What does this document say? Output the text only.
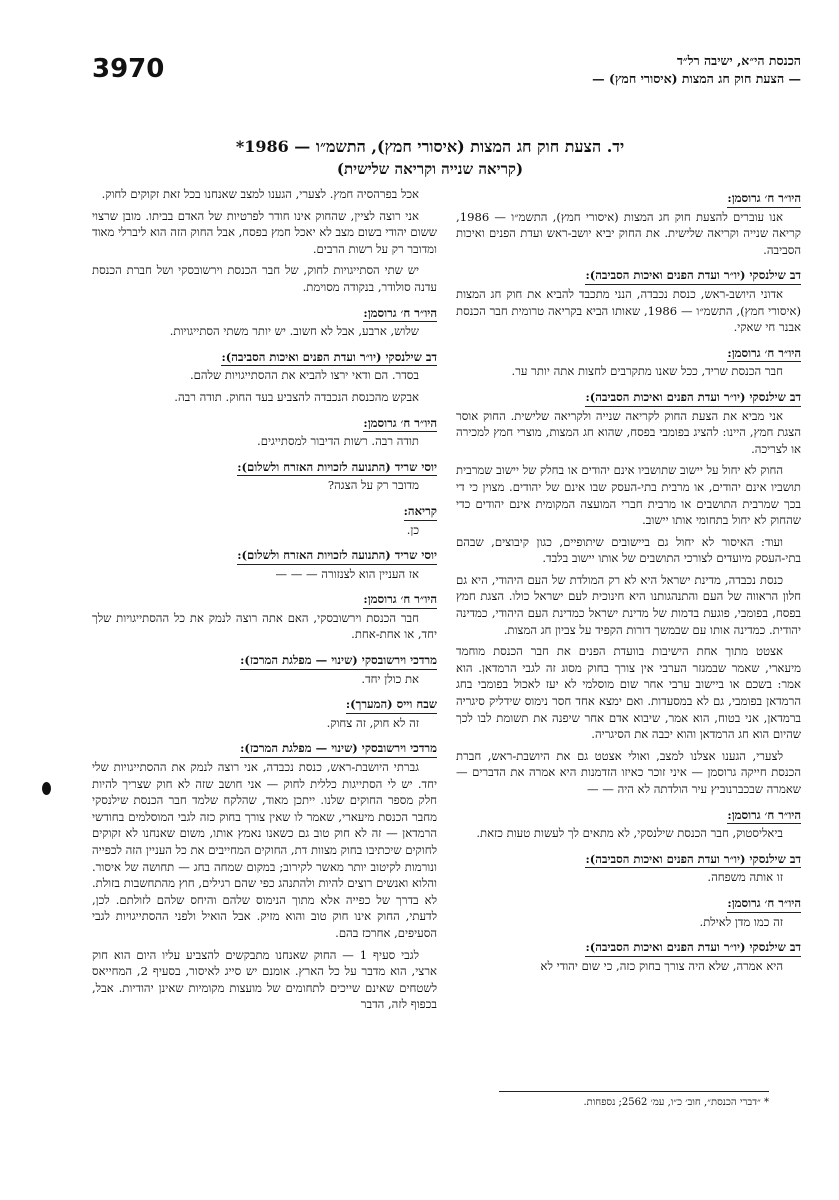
הכנסת הי״א, ישיבה רל״ד
— הצעת חוק חג המצות (איסורי חמץ) —
3970
יד. הצעת חוק חג המצות (איסורי חמץ), התשמ״ו — 1986*
(קריאה שנייה וקריאה שלישית)
היו״ר ח׳ גרוסמן:

אנו עוברים להצעת חוק חג המצות (איסורי חמץ), התשמ״ו — 1986, קריאה שנייה וקריאה שלישית. את החוק יביא יושב-ראש ועדת הפנים ואיכות הסביבה.

דב שילנסקי (יו״ר ועדת הפנים ואיכות הסביבה):

אדוני היושב-ראש, כנסת נכבדה, הנני מתכבד להביא את חוק חג המצות (איסורי חמץ), התשמ״ו — 1986, שאותו הביא בקריאה טרומית חבר הכנסת אבנר חי שאקי.

היו״ר ח׳ גרוסמן:

חבר הכנסת שריד, ככל שאנו מתקרבים לחצות אתה יותר ער.

דב שילנסקי (יו״ר ועדת הפנים ואיכות הסביבה):

אני מביא את הצעת החוק לקריאה שנייה ולקריאה שלישית. החוק אוסר הצגת חמץ, היינו: להציג בפומבי בפסח, שהוא חג המצות, מוצרי חמץ למכירה או לצריכה.

החוק לא יחול על יישוב שתושביו אינם יהודים או בחלק של יישוב שמרבית תושביו אינם יהודים, או מרבית בתי-העסק שבו אינם של יהודים. מצוין כי די בכך שמרבית התושבים או מרבית חברי המועצה המקומית אינם יהודים כדי שהחוק לא יחול בתחומי אותו יישוב.

ועוד: האיסור לא יחול גם ביישובים שיתופיים, כגון קיבוצים, שבהם בתי-העסק מיועדים לצורכי התושבים של אותו יישוב בלבד.

כנסת נכבדה, מדינת ישראל היא לא רק המולדת של העם היהודי, היא גם חלון הראווה של העם והתנהגותנו היא חינוכית לעם ישראל כולו. הצגת חמץ בפסח, בפומבי, פוגעת בדמות של מדינת ישראל כמדינת העם היהודי, כמדינה יהודית. כמדינה אותו עם שבמשך דורות הקפיד על צביון חג המצות.

אצטט מתוך אחת הישיבות בוועדת הפנים את חבר הכנסת מוחמד מיעארי, שאמר שבמגזר הערבי אין צורך בחוק מסוג זה לגבי הרמדאן. הוא אמר: בשכם או ביישוב ערבי אחר שום מוסלמי לא יעז לאכול בפומבי בחג הרמדאן בפומבי, גם לא במסעדות. ואם ימצא אחד חסר נימוס שידליק סיגריה ברמדאן, אני בטוח, הוא אמר, שיבוא אדם אחר שיפנה את תשומת לבו לכך שהיום הוא חג הרמדאן והוא יכבה את הסיגריה.

לצערי, הגענו אצלנו למצב, ואולי אצטט גם את היושבת-ראש, חברת הכנסת חייקה גרוסמן — איני זוכר כאיזו הזדמנות היא אמרה את הדברים — שאמרה שבכברנוביץ עיר הולדתה לא היה — —

היו״ר ח׳ גרוסמן:

ביאליסטוק, חבר הכנסת שילנסקי, לא מתאים לך לעשות טעות כזאת.

דב שילנסקי (יו״ר ועדת הפנים ואיכות הסביבה):

זו אותה משפחה.

היו״ר ח׳ גרוסמן:

זה כמו מדן לאילת.

דב שילנסקי (יו״ר ועדת הפנים ואיכות הסביבה):

היא אמרה, שלא היה צורך בחוק כזה, כי שום יהודי לא

אכל בפרהסיה חמץ. לצערי, הגענו למצב שאנחנו בכל זאת זקוקים לחוק.

אני רוצה לציין, שהחוק אינו חודר לפרטיות של האדם בביתו. מובן שרצוי ששום יהודי בשום מצב לא יאכל חמץ בפסח, אבל החוק הזה הוא ליברלי מאוד ומדובר רק על רשות הרבים.

יש שתי הסתייגויות לחוק, של חבר הכנסת וירשובסקי ושל חברת הכנסת עדנה סולודר, בנקודה מסוימת.

היו״ר ח׳ גרוסמן:

שלוש, ארבע, אבל לא חשוב. יש יותר משתי הסתייגויות.

דב שילנסקי (יו״ר ועדת הפנים ואיכות הסביבה):

בסדר. הם ודאי ירצו להביא את ההסתייגויות שלהם.

אבקש מהכנסת הנכבדה להצביע בעד החוק. תודה רבה.

היו״ר ח׳ גרוסמן:

תודה רבה. רשות הדיבור למסתייגים.

יוסי שריד (התנועה לזכויות האזרח ולשלום):

מדובר רק על הצגה?

קריאה:

כן.

יוסי שריד (התנועה לזכויות האזרח ולשלום):

אז העניין הוא לצנזורה — — —

היו״ר ח׳ גרוסמן:

חבר הכנסת וירשובסקי, האם אתה רוצה לנמק את כל ההסתייגויות שלך יחד, או אחת-אחת.

מרדכי וירשובסקי (שינוי — מפלגת המרכז):

את כולן יחד.

שבח וייס (המערך):

זה לא חוק, זה צחוק.

מרדכי וירשובסקי (שינוי — מפלגת המרכז):

גברתי היושבת-ראש, כנסת נכבדה, אני רוצה לנמק את ההסתייגויות שלי יחד. יש לי הסתייגות כללית לחוק — אני חושב שזה לא חוק שצריך להיות חלק מספר החוקים שלנו. ייתכן מאוד, שהלקח שלמד חבר הכנסת שילנסקי מחבר הכנסת מיעארי, שאמר לו שאין צורך בחוק כזה לגבי המוסלמים בחודשי הרמדאן — זה לא חוק טוב גם כשאנו נאמץ אותו, משום שאנחנו לא זקוקים לחוקים שיכתיבו בחוק מצוות דת, החוקים המחייבים את כל העניין הזה לכפייה ונורמות לקיטוב יותר מאשר לקירוב; במקום שמחה בחג — תחושה של איסור. והלוא ואנשים רוצים להיות ולהתנהג כפי שהם רגילים, חוץ מהתחשבות בזולת. לא בדרך של כפייה אלא מתוך הנימוס שלהם והיחס שלהם לזולתם. לכן, לדעתי, החוק אינו חוק טוב והוא מזיק. אבל הואיל ולפני ההסתייגויות לגבי הסעיפים, אחרכז בהם.

לגבי סעיף 1 — החוק שאנחנו מתבקשים להצביע עליו היום הוא חוק ארצי, הוא מדבר על כל הארץ. אומנם יש סייג לאיסור, בסעיף 2, המחייאס לשטחים שאינם שייכים לתחומים של מועצות מקומיות שאינן יהודיות. אבל, בכפוף לזה, הדבר

* ״דברי הכנסת״, חוב׳ כ״ו, עמ׳ 2562; נספחות.
